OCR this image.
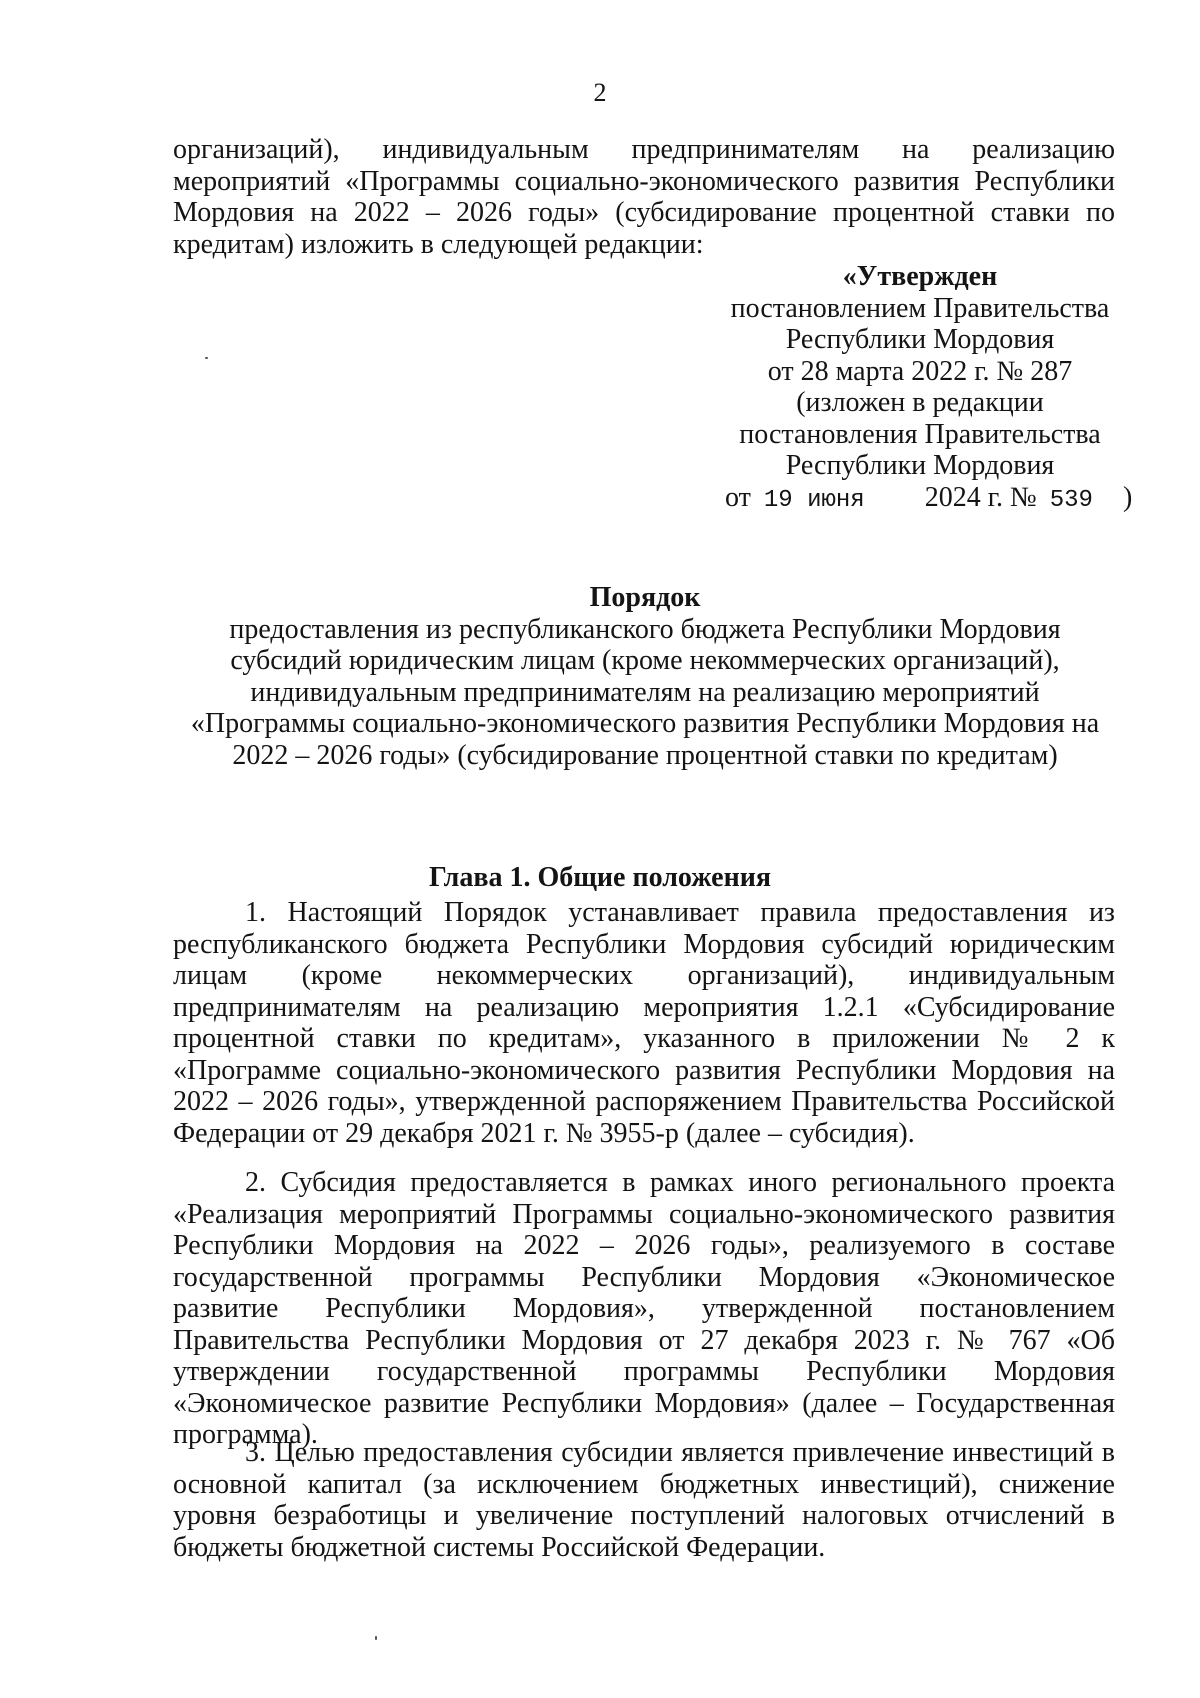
2
организаций), индивидуальным предпринимателям на реализацию
мероприятий «Программы социально-экономического развития Республики
Мордовия на 2022 – 2026 годы» (субсидирование процентной ставки по
кредитам) изложить в следующей редакции:
«Утвержден
постановлением Правительства
Республики Мордовия
от 28 марта 2022 г. № 287
(изложен в редакции
постановления Правительства
Республики Мордовия
от 19 июня 2024 г. № 539 )
Порядок
предоставления из республиканского бюджета Республики Мордовия
субсидий юридическим лицам (кроме некоммерческих организаций),
индивидуальным предпринимателям на реализацию мероприятий
«Программы социально-экономического развития Республики Мордовия на
2022 – 2026 годы» (субсидирование процентной ставки по кредитам)
Глава 1. Общие положения
1. Настоящий Порядок устанавливает правила предоставления из
республиканского бюджета Республики Мордовия субсидий юридическим
лицам (кроме некоммерческих организаций), индивидуальным
предпринимателям на реализацию мероприятия 1.2.1 «Субсидирование
процентной ставки по кредитам», указанного в приложении № 2 к
«Программе социально-экономического развития Республики Мордовия на
2022 – 2026 годы», утвержденной распоряжением Правительства Российской
Федерации от 29 декабря 2021 г. № 3955-р (далее – субсидия).
2. Субсидия предоставляется в рамках иного регионального проекта
«Реализация мероприятий Программы социально-экономического развития
Республики Мордовия на 2022 – 2026 годы», реализуемого в составе
государственной программы Республики Мордовия «Экономическое
развитие Республики Мордовия», утвержденной постановлением
Правительства Республики Мордовия от 27 декабря 2023 г. № 767 «Об
утверждении государственной программы Республики Мордовия
«Экономическое развитие Республики Мордовия» (далее – Государственная
программа).
3. Целью предоставления субсидии является привлечение инвестиций в
основной капитал (за исключением бюджетных инвестиций), снижение
уровня безработицы и увеличение поступлений налоговых отчислений в
бюджеты бюджетной системы Российской Федерации.
